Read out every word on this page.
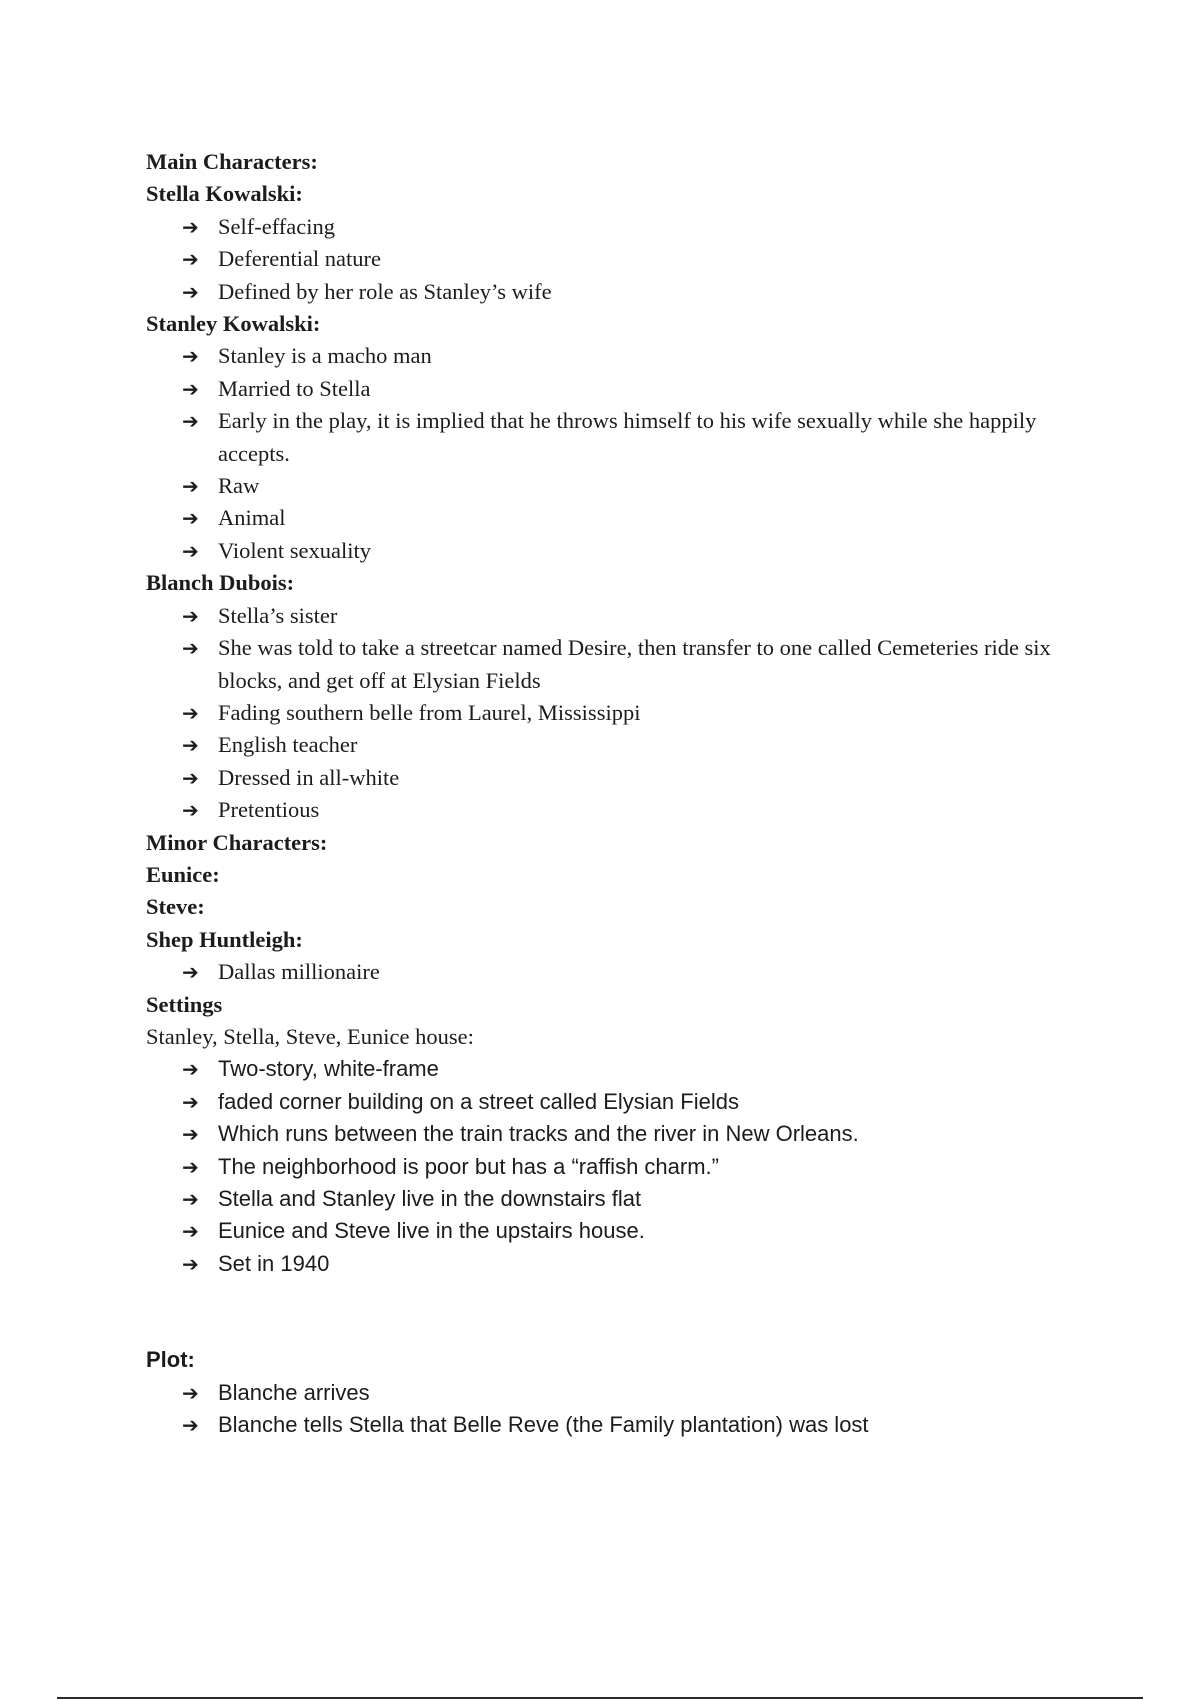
Main Characters:
Stella Kowalski:
➔ Self-effacing
➔ Deferential nature
➔ Defined by her role as Stanley’s wife
Stanley Kowalski:
➔ Stanley is a macho man
➔ Married to Stella
➔ Early in the play, it is implied that he throws himself to his wife sexually while she happily accepts.
➔ Raw
➔ Animal
➔ Violent sexuality
Blanch Dubois:
➔ Stella’s sister
➔ She was told to take a streetcar named Desire, then transfer to one called Cemeteries ride six blocks, and get off at Elysian Fields
➔ Fading southern belle from Laurel, Mississippi
➔ English teacher
➔ Dressed in all-white
➔ Pretentious
Minor Characters:
Eunice:
Steve:
Shep Huntleigh:
➔ Dallas millionaire
Settings
Stanley, Stella, Steve, Eunice house:
➔ Two-story, white-frame
➔ faded corner building on a street called Elysian Fields
➔ Which runs between the train tracks and the river in New Orleans.
➔ The neighborhood is poor but has a “raffish charm.”
➔ Stella and Stanley live in the downstairs flat
➔ Eunice and Steve live in the upstairs house.
➔ Set in 1940
Plot:
➔ Blanche arrives
➔ Blanche tells Stella that Belle Reve (the Family plantation) was lost
